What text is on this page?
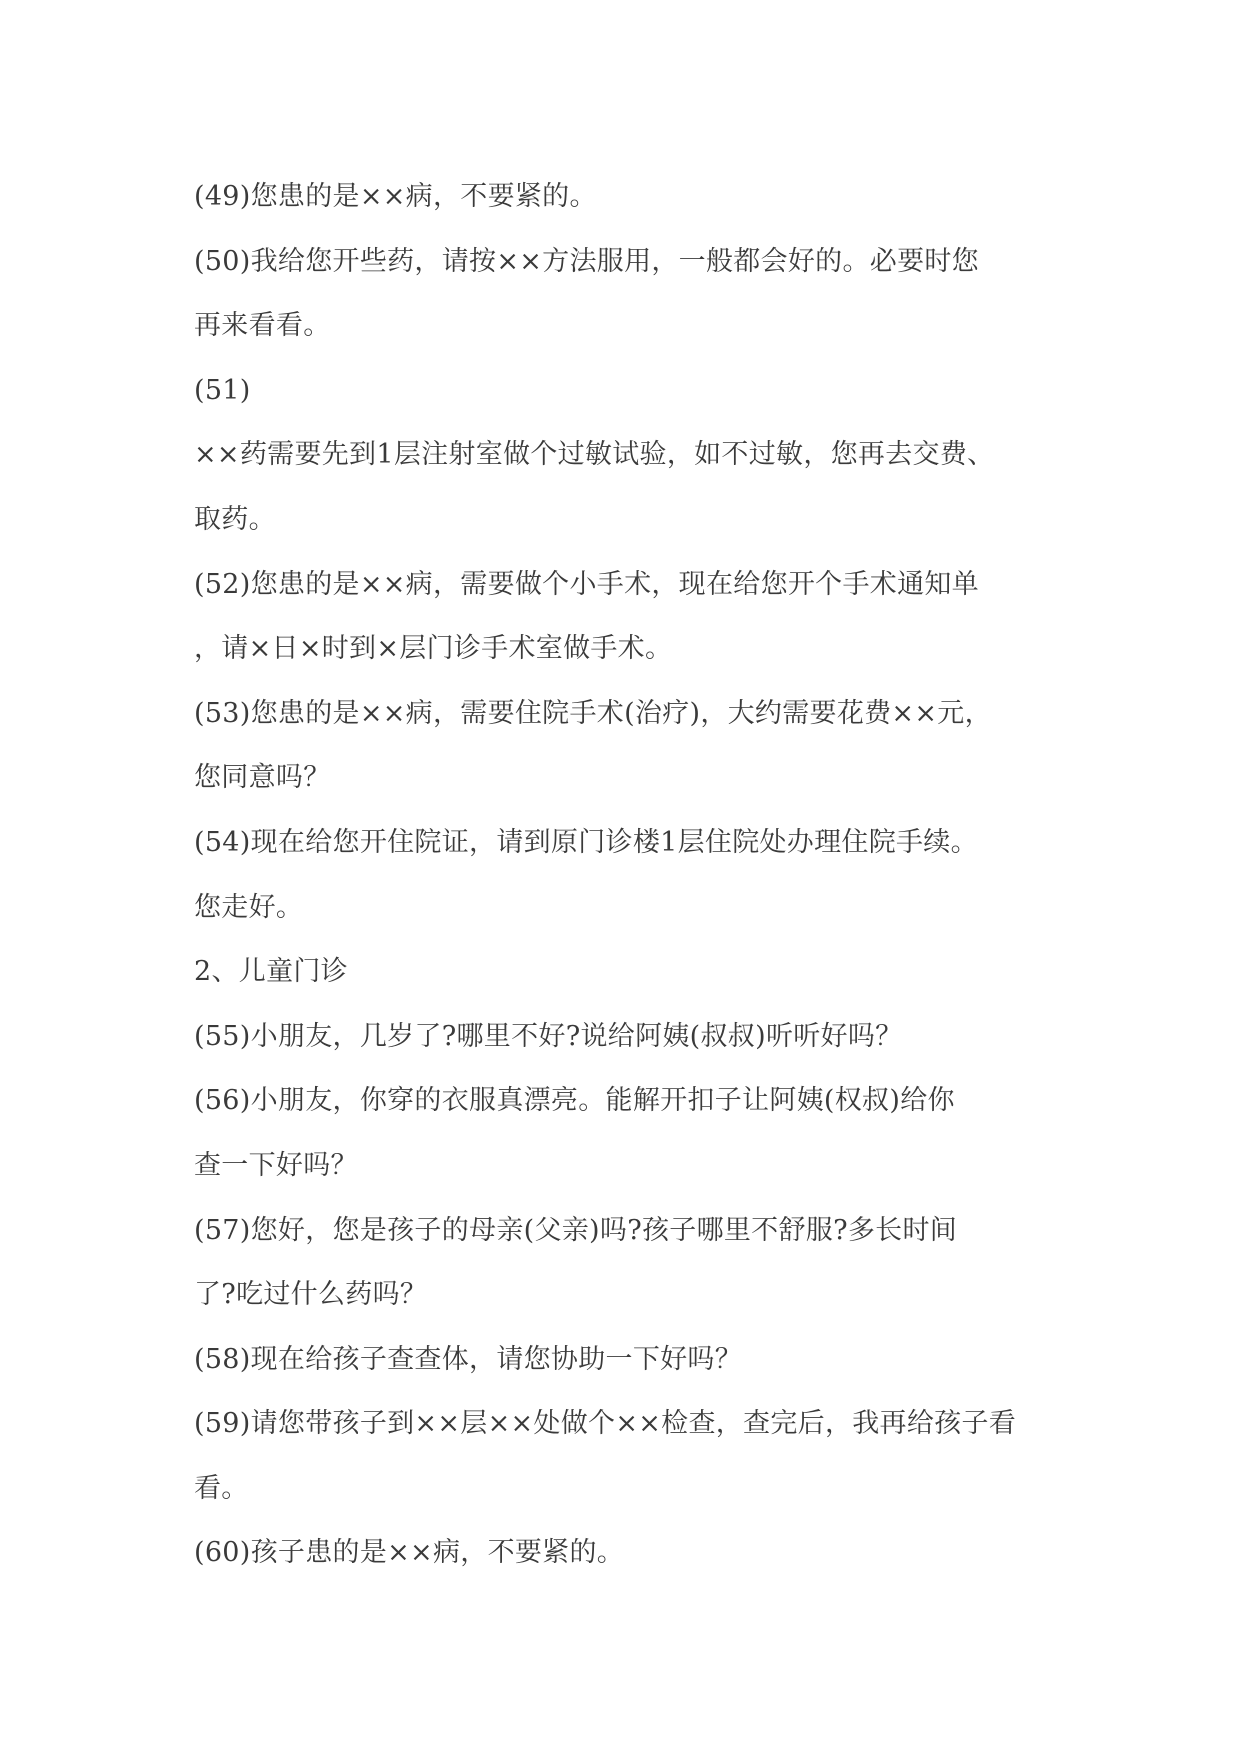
(49)您患的是××病，不要紧的。
(50)我给您开些药，请按××方法服用，一般都会好的。必要时您
再来看看。
(51)
××药需要先到1层注射室做个过敏试验，如不过敏，您再去交费、
取药。
(52)您患的是××病，需要做个小手术，现在给您开个手术通知单
，请×日×时到×层门诊手术室做手术。
(53)您患的是××病，需要住院手术(治疗)，大约需要花费××元，
您同意吗？
(54)现在给您开住院证，请到原门诊楼1层住院处办理住院手续。
您走好。
2、儿童门诊
(55)小朋友，几岁了?哪里不好?说给阿姨(叔叔)听听好吗？
(56)小朋友，你穿的衣服真漂亮。能解开扣子让阿姨(权叔)给你
查一下好吗？
(57)您好，您是孩子的母亲(父亲)吗?孩子哪里不舒服?多长时间
了?吃过什么药吗？
(58)现在给孩子查查体，请您协助一下好吗？
(59)请您带孩子到××层××处做个××检查，查完后，我再给孩子看
看。
(60)孩子患的是××病，不要紧的。
